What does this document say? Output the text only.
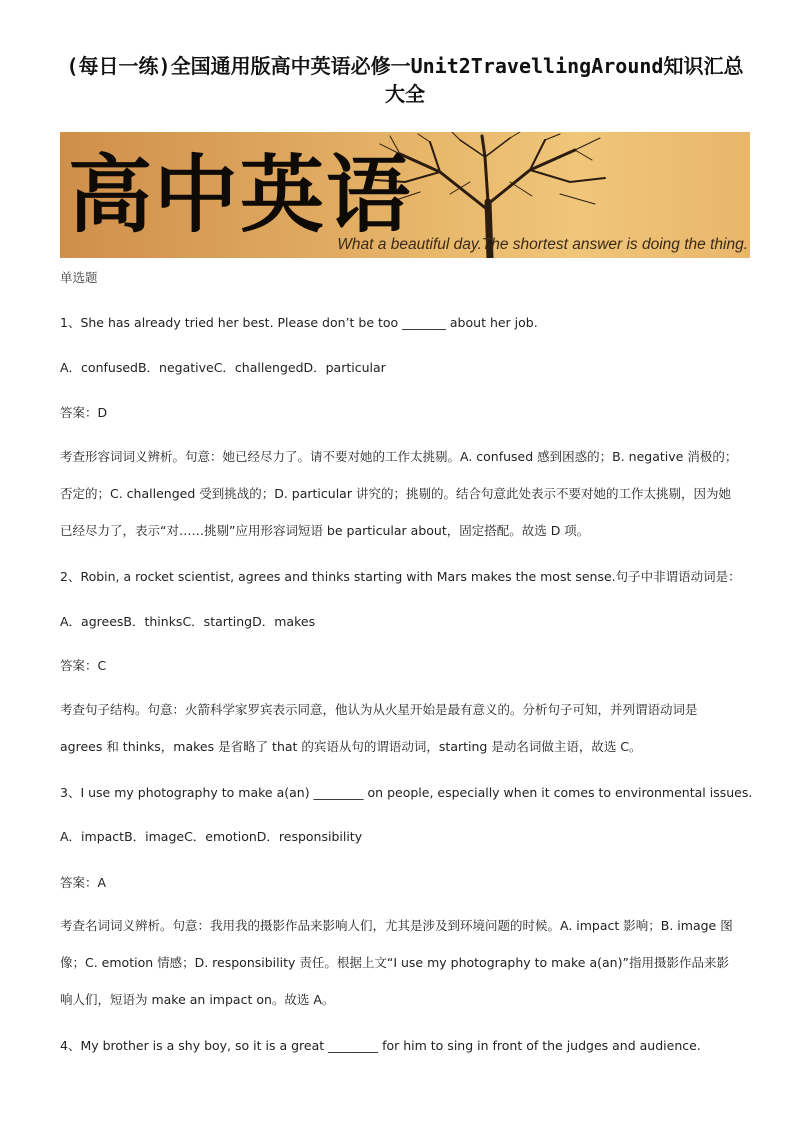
(每日一练)全国通用版高中英语必修一Unit2TravellingAround知识汇总大全
高中英语
What a beautiful day.The shortest answer is doing the thing.
单选题
1、She has already tried her best. Please don’t be too _______ about her job.
A．confusedB．negativeC．challengedD．particular
答案：D
考查形容词词义辨析。句意：她已经尽力了。请不要对她的工作太挑剔。A. confused 感到困惑的；B. negative 消极的；否定的；C. challenged 受到挑战的；D. particular 讲究的；挑剔的。结合句意此处表示不要对她的工作太挑剔，因为她已经尽力了，表示“对……挑剔”应用形容词短语 be particular about，固定搭配。故选 D 项。
2、Robin, a rocket scientist, agrees and thinks starting with Mars makes the most sense.句子中非谓语动词是：
A．agreesB．thinksC．startingD．makes
答案：C
考查句子结构。句意：火箭科学家罗宾表示同意，他认为从火星开始是最有意义的。分析句子可知，并列谓语动词是 agrees 和 thinks，makes 是省略了 that 的宾语从句的谓语动词，starting 是动名词做主语，故选 C。
3、I use my photography to make a(an) ________ on people, especially when it comes to environmental issues.
A．impactB．imageC．emotionD．responsibility
答案：A
考查名词词义辨析。句意：我用我的摄影作品来影响人们，尤其是涉及到环境问题的时候。A. impact 影响；B. image 图像；C. emotion 情感；D. responsibility 责任。根据上文“I use my photography to make a(an)”指用摄影作品来影响人们，短语为 make an impact on。故选 A。
4、My brother is a shy boy, so it is a great ________ for him to sing in front of the judges and audience.
